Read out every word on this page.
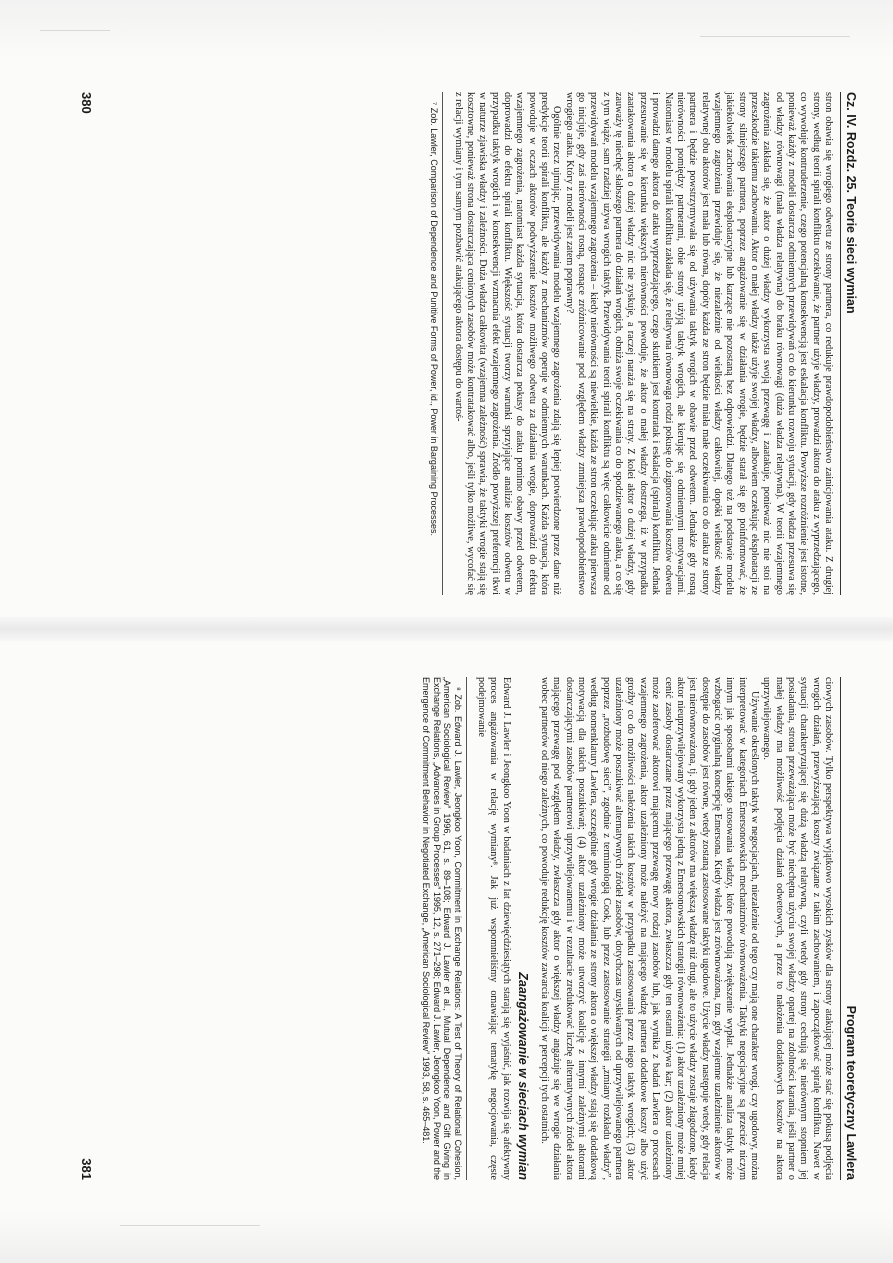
Cz. IV. Rozdz. 25. Teorie sieci wymian

stron obawia się wrogiego odwetu ze strony partnera, co redukuje prawdopodobieństwo zainicjowania ataku. Z drugiej strony, według teorii spirali konfliktu oczekiwanie, że partner użyje władzy, prowadzi aktora do ataku z wyprzedzającego, co wywołuje kontruderzenie, czego potencjalną konsekwencją jest eskalacja konfliktu. Powyższe rozróżnienie jest istotne, ponieważ każdy z modeli dostarcza odmiennych przewidywań co do kierunku rozwoju sytuacji, gdy władza przesuwa się od władzy równowagi (mała władza relatywna) do braku równowagi (duża władza relatywna). W teorii wzajemnego zagrożenia zakłada się, że aktor o dużej władzy wykorzysta swoją przewagę i zaatakuje, ponieważ nic nie stoi na przeszkodzie takiemu zachowaniu. Aktor o małej władzy także użyje swojej władzy, albowiem oczekując eksploatacji ze strony silniejszego partnera, poprzez angażowanie się w działania wrogie, będzie starał się go poinformować, że jakiekolwiek zachowania eksploatacyjne lub karzące nie pozostaną bez odpowiedzi. Dlatego też na podstawie modelu wzajemnego zagrożenia przewiduje się, że niezależnie od wielkości władzy całkowitej, dopóki wielkość władzy relatywnej obu aktorów jest mała lub równa, dopóty każda ze stron będzie miała małe oczekiwania co do ataku ze strony partnera i będzie powstrzymywała się od używania taktyk wrogich w obawie przed odwetem. Jednakże gdy rosną nierówności pomiędzy partnerami, obie strony użyją taktyk wrogich, ale kierując się odmiennymi motywacjami. Natomiast w modelu spirali konfliktu zakłada się, że relatywna równowaga rodzi pokusę do zignorowania kosztów odwetu i prowadzi danego aktora do ataku wyprzedzającego, czego skutkiem jest kontratak i eskalacja (spirala) konfliktu. Jednak przesuwanie się w kierunku większych nierówności powoduje, że aktor o małej władzy dostrzega, iż w przypadku zaatakowania aktora o dużej władzy nic nie zyskuje, a raczej naraża się na straty. Z kolei aktor o dużej władzy, gdy zauważy tę niechęć słabszego partnera do działań wrogich, obniża swoje oczekiwania co do spodziewanego ataku, a co się z tym wiąże, sam rzadziej używa wrogich taktyk. Przewidywania teorii spirali konfliktu są więc całkowicie odmienne od przewidywań modelu wzajemnego zagrożenia – kiedy nierówności są niewielkie, każda ze stron oczekując ataku pierwsza go inicjuje, gdy zaś nierówności rosną, rosnące zróżnicowanie pod względem władzy zmniejsza prawdopodobieństwo wrogiego ataku. Który z modeli jest zatem poprawny?

Ogólnie rzecz ujmując, przewidywania modelu wzajemnego zagrożenia zdają się lepiej potwierdzone przez dane niż predykcje teorii spirali konfliktu, ale każdy z mechanizmów operuje w odmiennych warunkach. Każda sytuacja, która powoduje w oczach aktorów podwyższenie kosztów możliwego odwetu za działania wrogie, doprowadzi do efektu wzajemnego zagrożenia, natomiast każda sytuacja, która dostarcza pokusy do ataku pomimo obawy przed odwetem, doprowadzi do efektu spirali konfliktu. Większość sytuacji tworzy warunki sprzyjające analizie kosztów odwetu w przypadku taktyk wrogich i w konsekwencji wzmacnia efekt wzajemnego zagrożenia. Źródło powyższej preferencji tkwi w naturze zjawiska władzy i zależności. Duża władza całkowita (wzajemna zależność) sprawia, że taktyki wrogie stają się kosztowne, ponieważ strona dostarczająca cenionych zasobów może kontratakować albo, jeśli tylko możliwe, wycofać się z relacji wymiany i tym samym pozbawić atakującego aktora dostępu do wartoś-

⁷ Zob. Lawler, Comparison of Dependence and Punitive Forms of Power, id., Power in Bargaining Processes.

380
Program teoretyczny Lawlera

ciowych zasobów. Tylko perspektywa wyjątkowo wysokich zysków dla strony atakującej może stać się pokusą podjęcia wrogich działań, przewyższającą koszty związane z takim zachowaniem, i zapoczątkować spiralę konfliktu. Nawet w sytuacji charakteryzującej się dużą władzą relatywną, czyli wtedy gdy strony cechują się nierównym stopniem jej posiadania, strona przeważająca może być niechętna użyciu swojej władzy opartej na zdolności karania, jeśli partner o małej władzy ma możliwość podjęcia działań odwetowych, a przez to nałożenia dodatkowych kosztów na aktora uprzywilejowanego.

Używanie określonych taktyk w negocjacjach, niezależnie od tego czy mają one charakter wrogi, czy ugodowy, można interpretować w kategoriach Emersonowskich mechanizmów równoważenia. Taktyki negocjacyjne są przecież niczym innym jak sposobami takiego stosowania władzy, które powodują zwiększenie wypłat. Jednakże analiza taktyk może wzbogacić oryginalną koncepcję Emersona. Kiedy władza jest zrównoważona, tzn. gdy wzajemne uzależnienie aktorów w dostępie do zasobów jest równe, wtedy zostaną zastosowane taktyki ugodowe. Użycie władzy następuje wtedy, gdy relacja jest nierównoważona, tj. gdy jeden z aktorów ma większą władzę niż drugi, ale to użycie władzy zostaje złagodzone, kiedy aktor nieuprzywilejowany wykorzysta jedną z Emersonowskich strategii równoważenia: (1) aktor uzależniony może mniej cenić zasoby dostarczane przez mającego przewagę aktora, zwłaszcza gdy ten ostatni używa kar; (2) aktor uzależniony może zaoferować aktorowi mającemu przewagę nowy rodzaj zasobów lub, jak wynika z badań Lawlera o procesach wzajemnego zagrożenia, aktor uzależniony może nałożyć na mającego władzę partnera dodatkowe koszty albo użyć groźby co do możliwości nałożenia takich kosztów w przypadku zastosowania przez niego taktyk wrogich; (3) aktor uzależniony może poszukiwać alternatywnych źródeł zasobów, dotychczas uzyskiwanych od uprzywilejowanego partnera poprzez „rozbudowę sieci”, zgodnie z terminologią Cook, lub przez zastosowanie strategii „zmiany rozkładu władzy”, według nomenklatury Lawlera, szczególnie gdy wrogie działania ze strony aktora o większej władzy stają się dodatkową motywacją dla takich poszukiwań; (4) aktor uzależniony może utworzyć koalicję z innymi zależnymi aktorami dostarczającymi zasobów partnerowi uprzywilejowanemu i w rezultacie zredukować liczbę alternatywnych źródeł aktora mającego przewagę pod względem władzy, zwłaszcza gdy aktor o większej władzy angażuje się we wrogie działania wobec partnerów od niego zależnych, co powoduje redukcję kosztów zawarcia koalicji w percepcji tych ostatnich.

Zaangażowanie w sieciach wymian

Edward J. Lawler i Jeongkoo Yoon w badaniach z lat dziewięćdziesiątych starają się wyjaśnić, jak rozwija się afektywny proces angażowania w relację wymiany⁸. Jak już wspomnieliśmy omawiając tematykę negocjowania, częste podejmowanie

⁸ Zob. Edward J. Lawler, Jeongkoo Yoon, Commitment in Exchange Relations: A Test of Theory of Relational Cohesion, „American Sociological Review” 1996, 61, s. 89–108; Edward J. Lawler et al., Mutual Dependence and Gift Giving in Exchange Relations, „Advances in Group Processes” 1995, 12, s. 271–298; Edward J. Lawler, Jeongkoo Yoon, Power and the Emergence of Commitment Behavior in Negotiated Exchange, „American Sociological Review” 1993, 58, s. 465–481.

381
